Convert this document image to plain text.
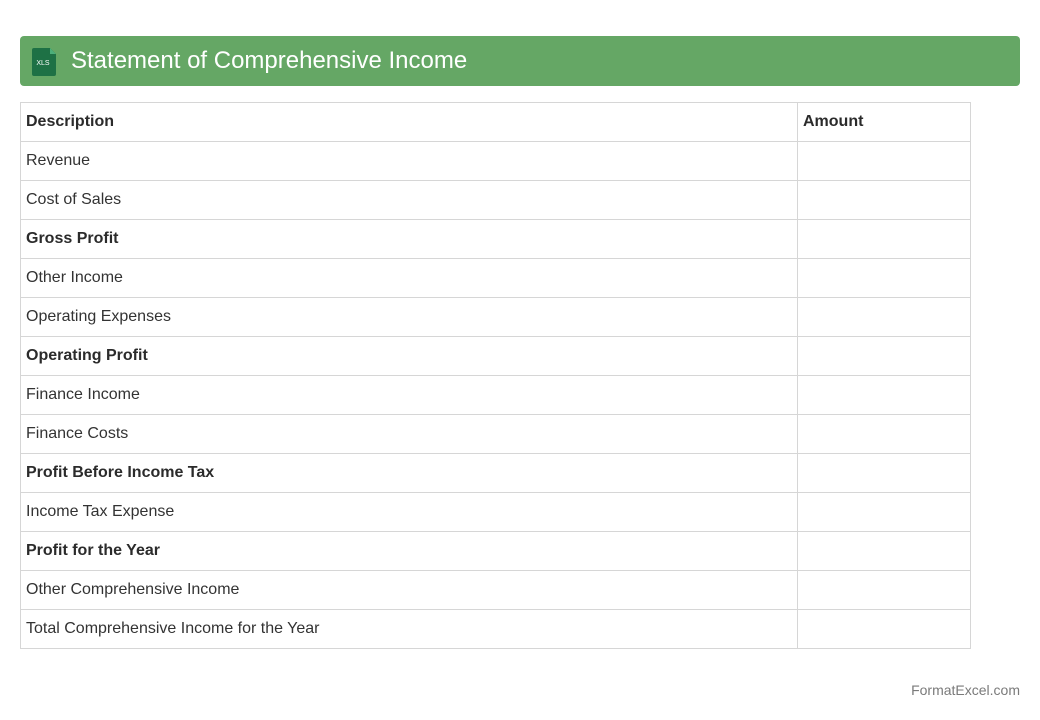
XLS Statement of Comprehensive Income
Description	Amount
Revenue	
Cost of Sales	
Gross Profit	
Other Income	
Operating Expenses	
Operating Profit	
Finance Income	
Finance Costs	
Profit Before Income Tax	
Income Tax Expense	
Profit for the Year	
Other Comprehensive Income	
Total Comprehensive Income for the Year	
FormatExcel.com
